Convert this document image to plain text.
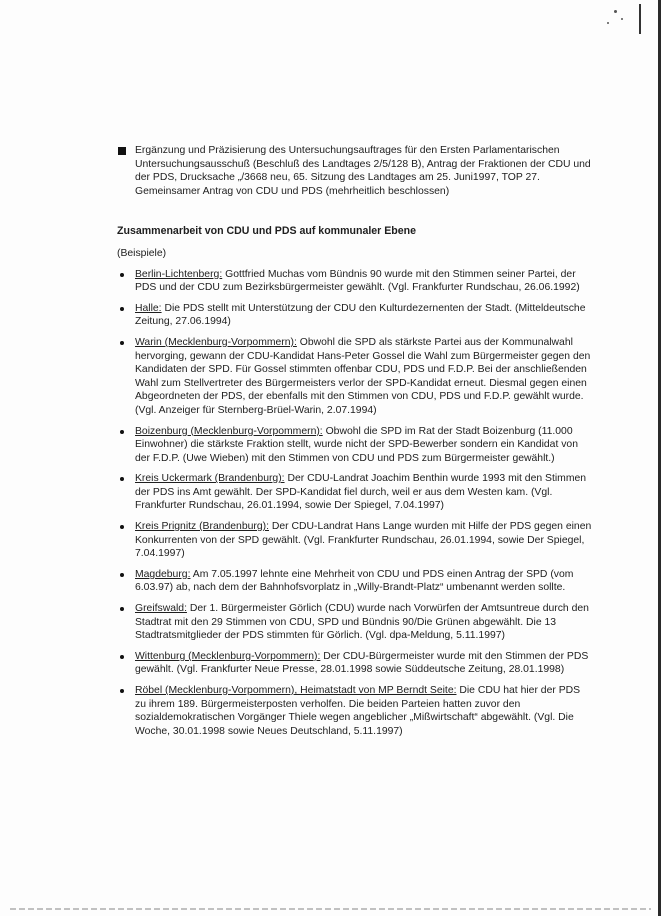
Ergänzung und Präzisierung des Untersuchungsauftrages für den Ersten Parlamentarischen Untersuchungsausschuß (Beschluß des Landtages 2/5/128 B), Antrag der Fraktionen der CDU und der PDS, Drucksache „/3668 neu, 65. Sitzung des Landtages am 25. Juni1997, TOP 27. Gemeinsamer Antrag von CDU und PDS (mehrheitlich beschlossen)
Zusammenarbeit von CDU und PDS auf kommunaler Ebene
(Beispiele)
Berlin-Lichtenberg: Gottfried Muchas vom Bündnis 90 wurde mit den Stimmen seiner Partei, der PDS und der CDU zum Bezirksbürgermeister gewählt. (Vgl. Frankfurter Rundschau, 26.06.1992)
Halle: Die PDS stellt mit Unterstützung der CDU den Kulturdezernenten der Stadt. (Mitteldeutsche Zeitung, 27.06.1994)
Warin (Mecklenburg-Vorpommern): Obwohl die SPD als stärkste Partei aus der Kommunalwahl hervorging, gewann der CDU-Kandidat Hans-Peter Gossel die Wahl zum Bürgermeister gegen den Kandidaten der SPD. Für Gossel stimmten offenbar CDU, PDS und F.D.P. Bei der anschließenden Wahl zum Stellvertreter des Bürgermeisters verlor der SPD-Kandidat erneut. Diesmal gegen einen Abgeordneten der PDS, der ebenfalls mit den Stimmen von CDU, PDS und F.D.P. gewählt wurde. (Vgl. Anzeiger für Sternberg-Brüel-Warin, 2.07.1994)
Boizenburg (Mecklenburg-Vorpommern): Obwohl die SPD im Rat der Stadt Boizenburg (11.000 Einwohner) die stärkste Fraktion stellt, wurde nicht der SPD-Bewerber sondern ein Kandidat von der F.D.P. (Uwe Wieben) mit den Stimmen von CDU und PDS zum Bürgermeister gewählt.)
Kreis Uckermark (Brandenburg): Der CDU-Landrat Joachim Benthin wurde 1993 mit den Stimmen der PDS ins Amt gewählt. Der SPD-Kandidat fiel durch, weil er aus dem Westen kam. (Vgl. Frankfurter Rundschau, 26.01.1994, sowie Der Spiegel, 7.04.1997)
Kreis Prignitz (Brandenburg): Der CDU-Landrat Hans Lange wurden mit Hilfe der PDS gegen einen Konkurrenten von der SPD gewählt. (Vgl. Frankfurter Rundschau, 26.01.1994, sowie Der Spiegel, 7.04.1997)
Magdeburg: Am 7.05.1997 lehnte eine Mehrheit von CDU und PDS einen Antrag der SPD (vom 6.03.97) ab, nach dem der Bahnhofsvorplatz in „Willy-Brandt-Platz“ umbenannt werden sollte.
Greifswald: Der 1. Bürgermeister Görlich (CDU) wurde nach Vorwürfen der Amtsuntreue durch den Stadtrat mit den 29 Stimmen von CDU, SPD und Bündnis 90/Die Grünen abgewählt. Die 13 Stadtratsmitglieder der PDS stimmten für Görlich. (Vgl. dpa-Meldung, 5.11.1997)
Wittenburg (Mecklenburg-Vorpommern): Der CDU-Bürgermeister wurde mit den Stimmen der PDS gewählt. (Vgl. Frankfurter Neue Presse, 28.01.1998 sowie Süddeutsche Zeitung, 28.01.1998)
Röbel (Mecklenburg-Vorpommern), Heimatstadt von MP Berndt Seite: Die CDU hat hier der PDS zu ihrem 189. Bürgermeisterposten verholfen. Die beiden Parteien hatten zuvor den sozialdemokratischen Vorgänger Thiele wegen angeblicher „Mißwirtschaft“ abgewählt. (Vgl. Die Woche, 30.01.1998 sowie Neues Deutschland, 5.11.1997)
